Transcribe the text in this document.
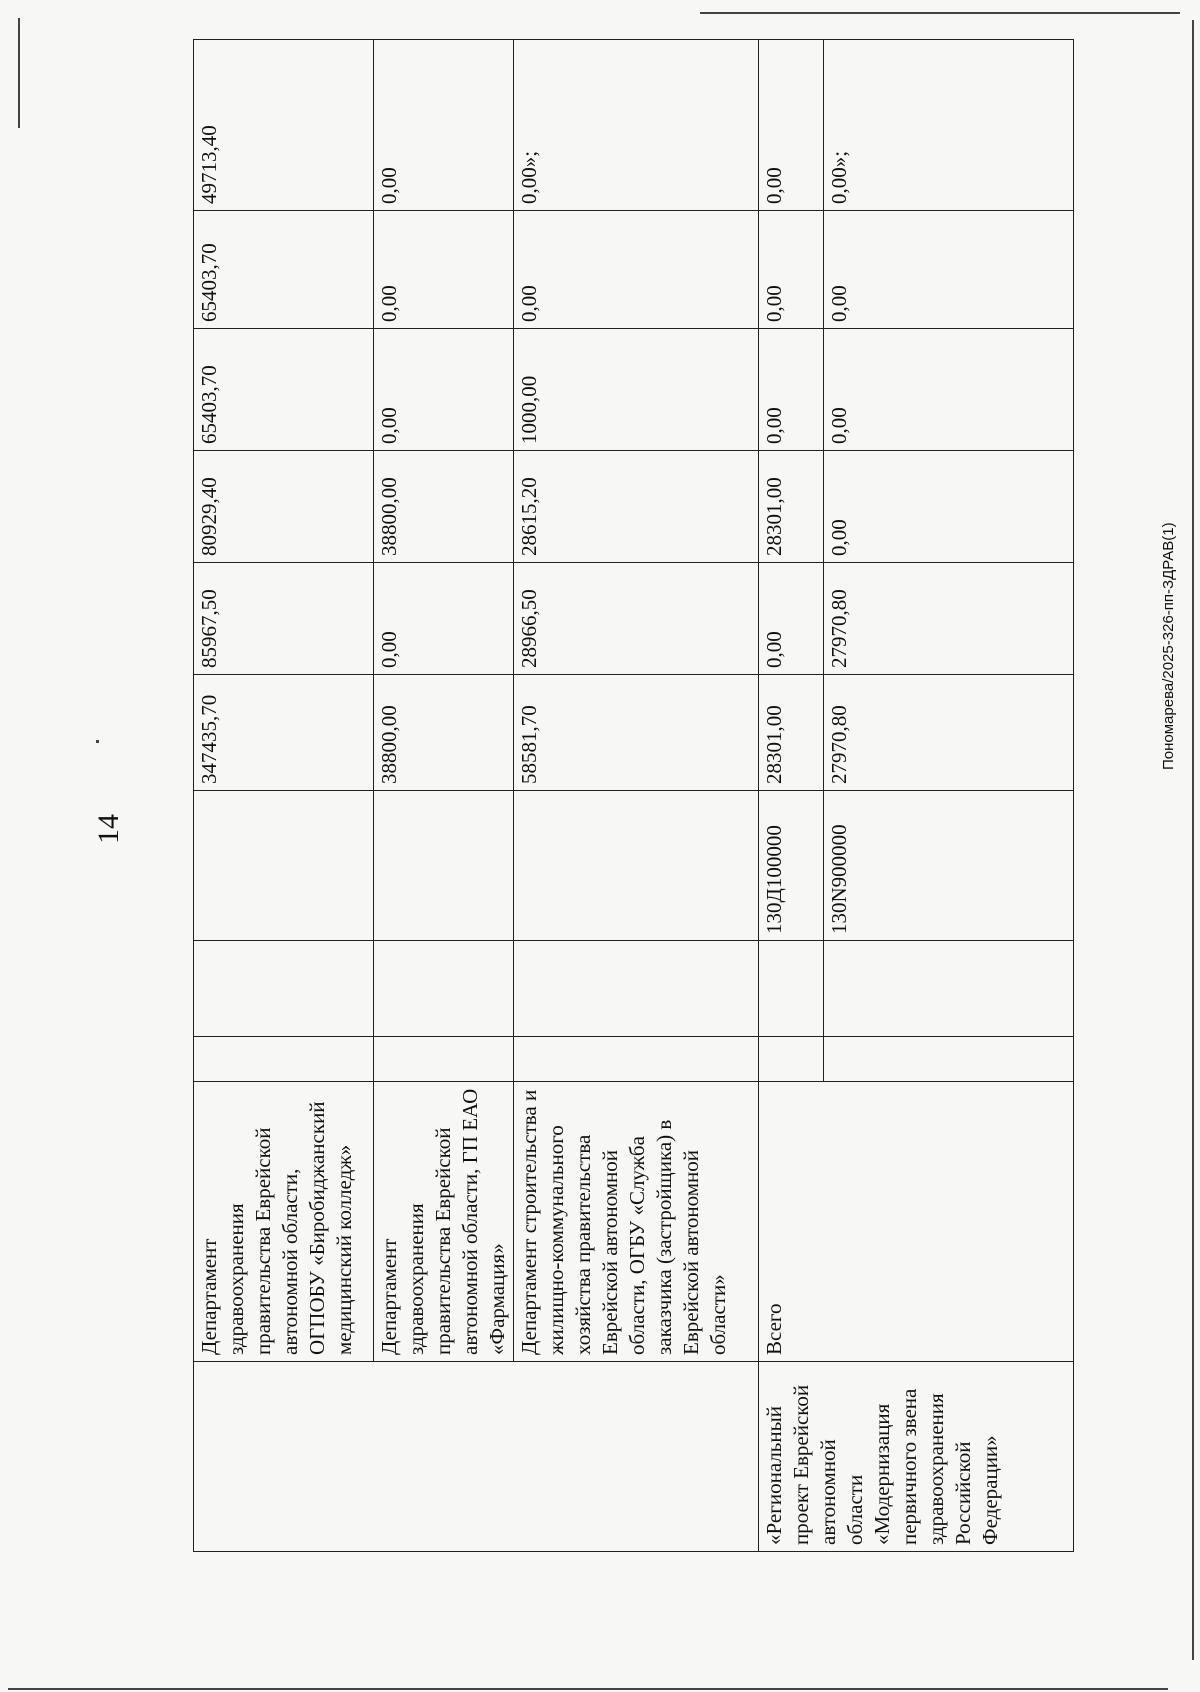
14
Пономарева/2025-326-пп-ЗДРАВ(1)
	Департамент здравоохранения правительства Еврейской автономной области, ОГПОБУ «Биробиджанский медицинский колледж»				347435,70	85967,50	80929,40	65403,70	65403,70	49713,40
	Департамент здравоохранения правительства Еврейской автономной области, ГП ЕАО «Фармация»				38800,00	0,00	38800,00	0,00	0,00	0,00
	Департамент строительства и жилищно-коммунального хозяйства правительства Еврейской автономной области, ОГБУ «Служба заказчика (застройщика) в Еврейской автономной области»				58581,70	28966,50	28615,20	1000,00	0,00	0,00»;
«Региональный проект Еврейской автономной области «Модернизация первичного звена здравоохранения Российской Федерации»	Всего			130Д100000	28301,00	0,00	28301,00	0,00	0,00	0,00
				130N900000	27970,80	27970,80	0,00	0,00	0,00	0,00»;
